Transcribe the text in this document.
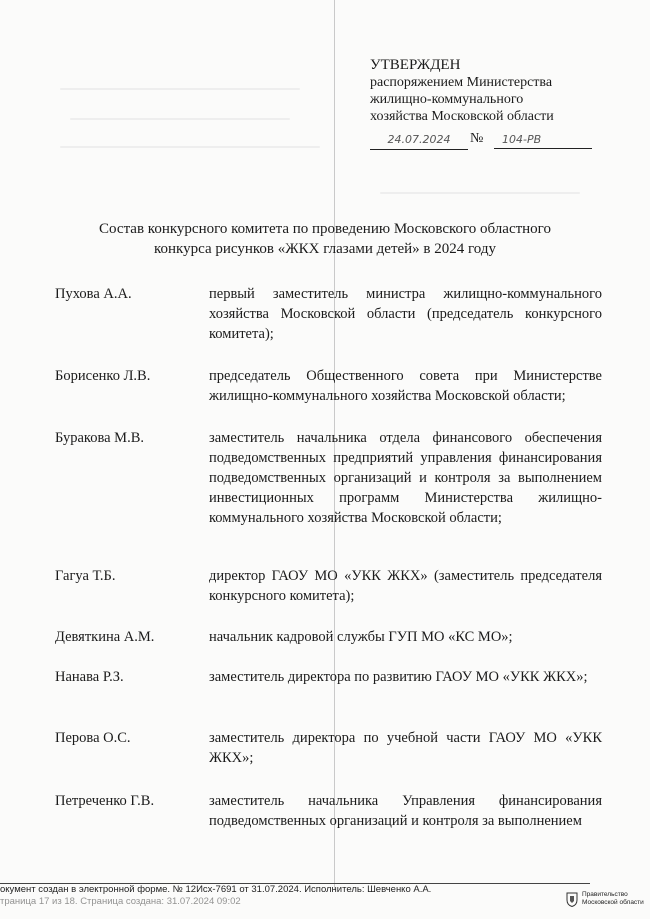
УТВЕРЖДЕН
распоряжением Министерства
жилищно-коммунального
хозяйства Московской области
24.07.2024	№	104-РВ
Состав конкурсного комитета по проведению Московского областного
конкурса рисунков «ЖКХ глазами детей» в 2024 году
Пухова А.А.	первый заместитель министра жилищно-коммунального хозяйства Московской области (председатель конкурсного комитета);
Борисенко Л.В.	председатель Общественного совета при Министерстве жилищно-коммунального хозяйства Московской области;
Буракова М.В.	заместитель начальника отдела финансового обеспечения подведомственных предприятий управления финансирования подведомственных организаций и контроля за выполнением инвестиционных программ Министерства жилищно-коммунального хозяйства Московской области;
Гагуа Т.Б.	директор ГАОУ МО «УКК ЖКХ» (заместитель председателя конкурсного комитета);
Девяткина А.М.	начальник кадровой службы ГУП МО «КС МО»;
Нанава Р.З.	заместитель директора по развитию ГАОУ МО «УКК ЖКХ»;
Перова О.С.	заместитель директора по учебной части ГАОУ МО «УКК ЖКХ»;
Петреченко Г.В.	заместитель начальника Управления финансирования подведомственных организаций и контроля за выполнением
окумент создан в электронной форме. № 12Исх-7691 от 31.07.2024. Исполнитель: Шевченко А.А.
траница 17 из 18. Страница создана: 31.07.2024 09:02
Правительство
Московской области
